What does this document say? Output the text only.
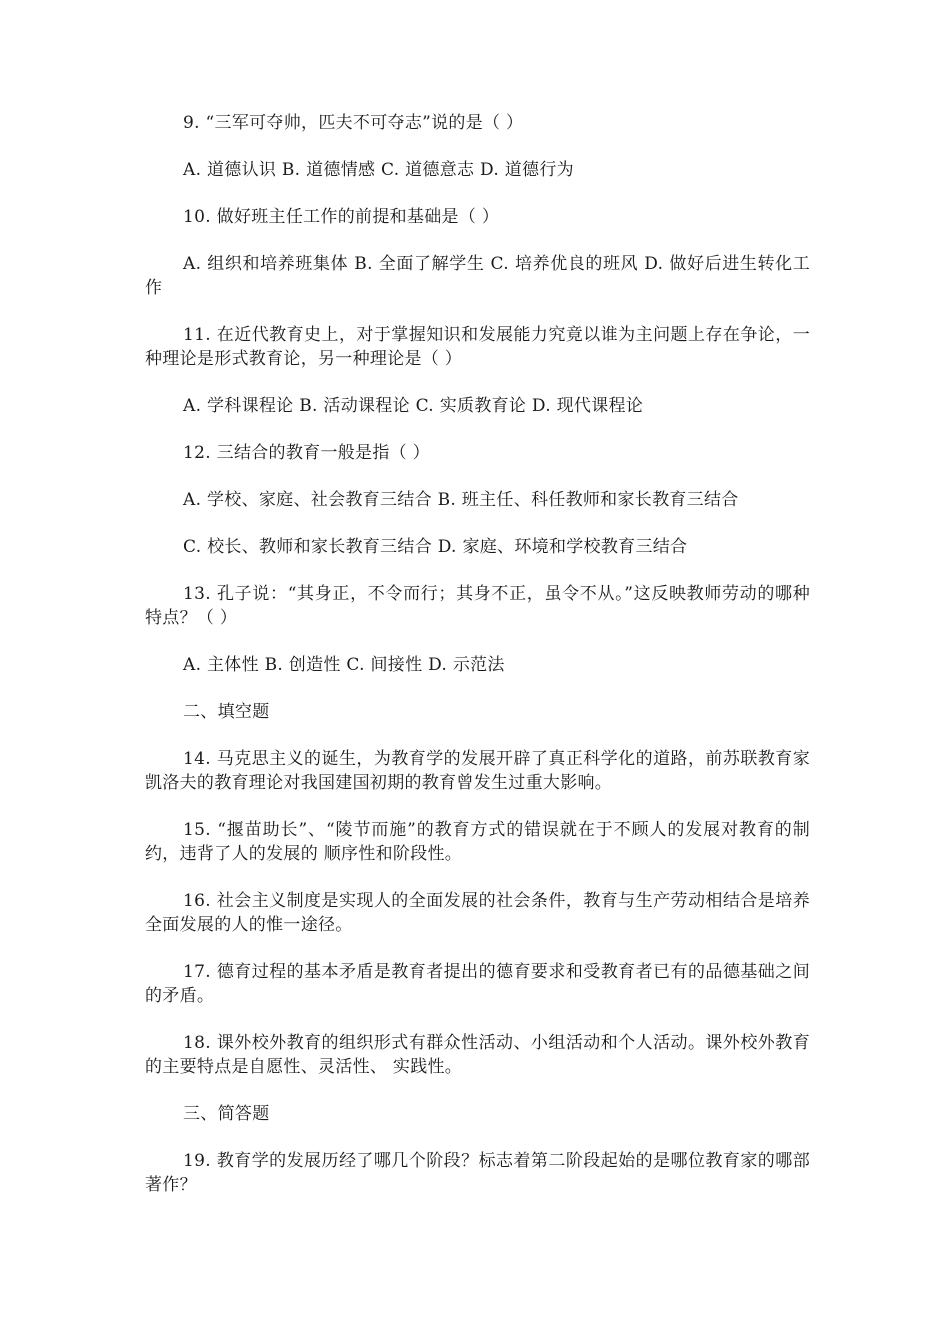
9. “三军可夺帅，匹夫不可夺志”说的是（ ）

A. 道德认识 B. 道德情感 C. 道德意志 D. 道德行为

10. 做好班主任工作的前提和基础是（ ）

A. 组织和培养班集体 B. 全面了解学生 C. 培养优良的班风 D. 做好后进生转化工作

11. 在近代教育史上，对于掌握知识和发展能力究竟以谁为主问题上存在争论，一种理论是形式教育论，另一种理论是（ ）

A. 学科课程论 B. 活动课程论 C. 实质教育论 D. 现代课程论

12. 三结合的教育一般是指（ ）

A. 学校、家庭、社会教育三结合 B. 班主任、科任教师和家长教育三结合

C. 校长、教师和家长教育三结合 D. 家庭、环境和学校教育三结合

13. 孔子说：“其身正，不令而行；其身不正，虽令不从。”这反映教师劳动的哪种特点？（ ）

A. 主体性 B. 创造性 C. 间接性 D. 示范法

二、填空题

14. 马克思主义的诞生，为教育学的发展开辟了真正科学化的道路，前苏联教育家凯洛夫的教育理论对我国建国初期的教育曾发生过重大影响。

15. “揠苗助长”、“陵节而施”的教育方式的错误就在于不顾人的发展对教育的制约，违背了人的发展的 顺序性和阶段性。

16. 社会主义制度是实现人的全面发展的社会条件，教育与生产劳动相结合是培养全面发展的人的惟一途径。

17. 德育过程的基本矛盾是教育者提出的德育要求和受教育者已有的品德基础之间的矛盾。

18. 课外校外教育的组织形式有群众性活动、小组活动和个人活动。课外校外教育的主要特点是自愿性、灵活性、 实践性。

三、简答题

19. 教育学的发展历经了哪几个阶段？标志着第二阶段起始的是哪位教育家的哪部著作？
